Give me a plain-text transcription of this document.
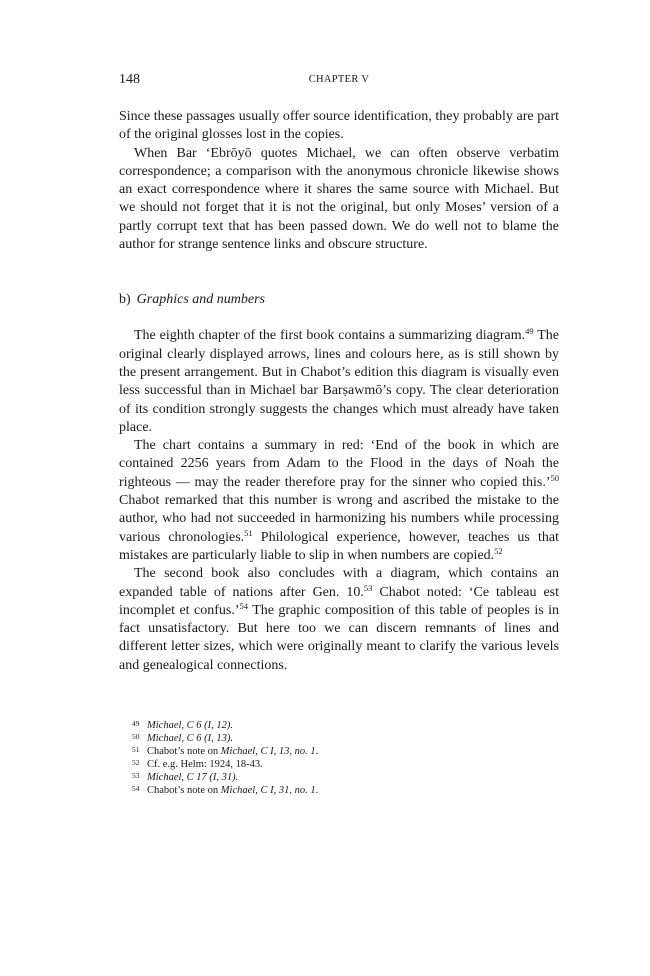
148	CHAPTER V

Since these passages usually offer source identification, they probably are part of the original glosses lost in the copies.

When Bar ‘Ebrōyō quotes Michael, we can often observe verbatim correspondence; a comparison with the anonymous chronicle likewise shows an exact correspondence where it shares the same source with Michael. But we should not forget that it is not the original, but only Moses’ version of a partly corrupt text that has been passed down. We do well not to blame the author for strange sentence links and obscure structure.

b) Graphics and numbers

The eighth chapter of the first book contains a summarizing diagram.$^{49}$ The original clearly displayed arrows, lines and colours here, as is still shown by the present arrangement. But in Chabot’s edition this diagram is visually even less successful than in Michael bar Barṣawmō’s copy. The clear deterioration of its condition strongly suggests the changes which must already have taken place.

The chart contains a summary in red: ‘End of the book in which are contained 2256 years from Adam to the Flood in the days of Noah the righteous — may the reader therefore pray for the sinner who copied this.’$^{50}$ Chabot remarked that this number is wrong and ascribed the mistake to the author, who had not succeeded in harmonizing his numbers while processing various chronologies.$^{51}$ Philological experience, however, teaches us that mistakes are particularly liable to slip in when numbers are copied.$^{52}$

The second book also concludes with a diagram, which contains an expanded table of nations after Gen. 10.53 Chabot noted: ‘Ce tableau est incomplet et confus.’$^{54}$ The graphic composition of this table of peoples is in fact unsatisfactory. But here too we can discern remnants of lines and different letter sizes, which were originally meant to clarify the various levels and genealogical connections.

49 Michael, C 6 (I, 12).
50 Michael, C 6 (I, 13).
51 Chabot’s note on Michael, C I, 13, no. 1.
52 Cf. e.g. Helm: 1924, 18-43.
53 Michael, C 17 (I, 31).
54 Chabot’s note on Michael, C I, 31, no. 1.
